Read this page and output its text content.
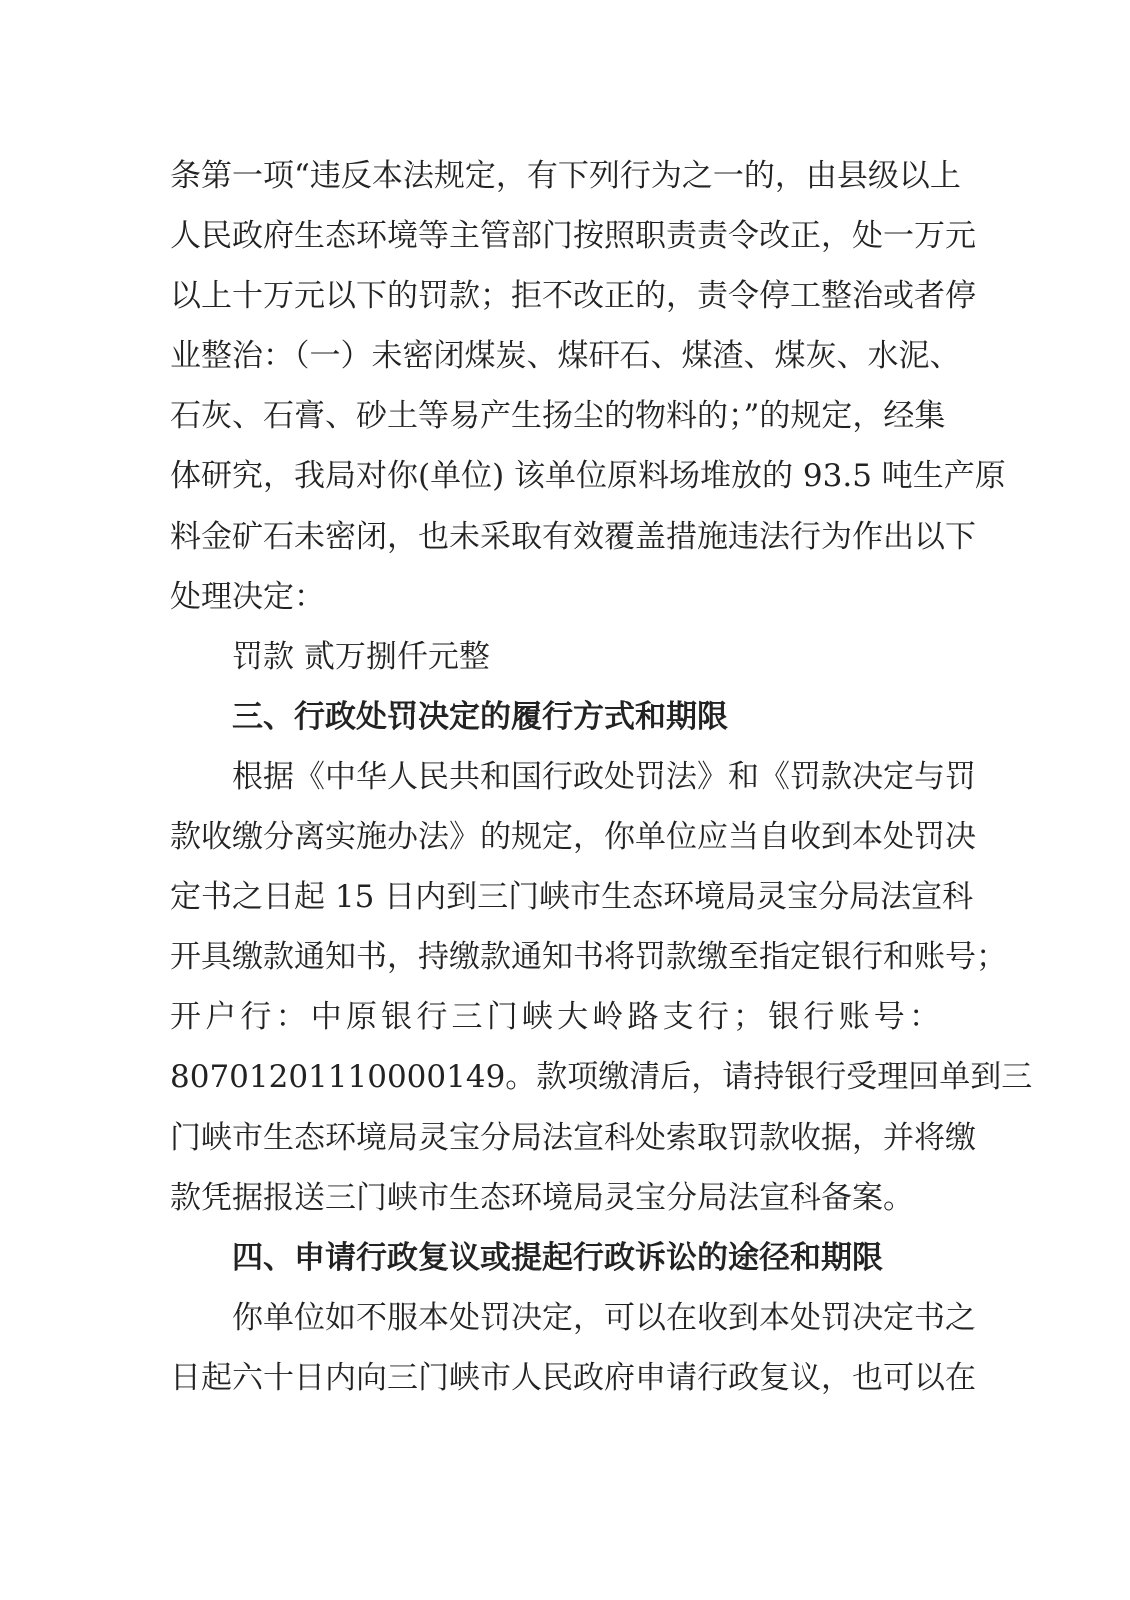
条第一项“违反本法规定，有下列行为之一的，由县级以上
人民政府生态环境等主管部门按照职责责令改正，处一万元
以上十万元以下的罚款；拒不改正的，责令停工整治或者停
业整治：（一）未密闭煤炭、煤矸石、煤渣、煤灰、水泥、
石灰、石膏、砂土等易产生扬尘的物料的；”的规定，经集
体研究，我局对你(单位) 该单位原料场堆放的 93.5 吨生产原
料金矿石未密闭，也未采取有效覆盖措施违法行为作出以下
处理决定：
罚款 贰万捌仟元整
三、行政处罚决定的履行方式和期限
根据《中华人民共和国行政处罚法》和《罚款决定与罚
款收缴分离实施办法》的规定，你单位应当自收到本处罚决
定书之日起 15 日内到三门峡市生态环境局灵宝分局法宣科
开具缴款通知书，持缴款通知书将罚款缴至指定银行和账号；
开户行：中原银行三门峡大岭路支行；银行账号：
80701201110000149。款项缴清后，请持银行受理回单到三
门峡市生态环境局灵宝分局法宣科处索取罚款收据，并将缴
款凭据报送三门峡市生态环境局灵宝分局法宣科备案。
四、申请行政复议或提起行政诉讼的途径和期限
你单位如不服本处罚决定，可以在收到本处罚决定书之
日起六十日内向三门峡市人民政府申请行政复议，也可以在
